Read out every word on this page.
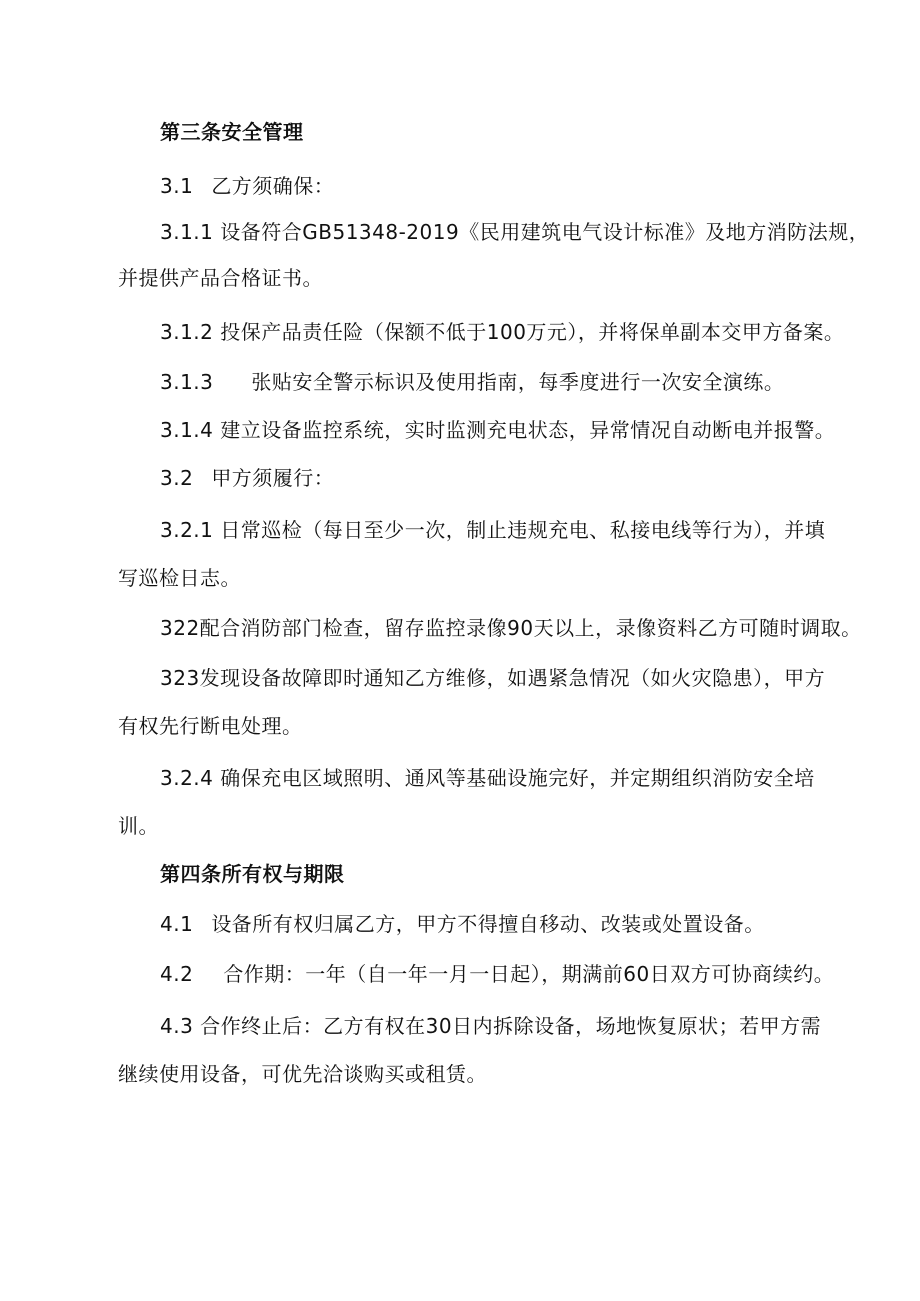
第三条安全管理
3.1 乙方须确保：
3.1.1 设备符合GB51348-2019《民用建筑电气设计标准》及地方消防法规，
并提供产品合格证书。
3.1.2 投保产品责任险（保额不低于100万元），并将保单副本交甲方备案。
3.1.3 张贴安全警示标识及使用指南，每季度进行一次安全演练。
3.1.4 建立设备监控系统，实时监测充电状态，异常情况自动断电并报警。
3.2 甲方须履行：
3.2.1 日常巡检（每日至少一次，制止违规充电、私接电线等行为），并填
写巡检日志。
322配合消防部门检查，留存监控录像90天以上，录像资料乙方可随时调取。
323发现设备故障即时通知乙方维修，如遇紧急情况（如火灾隐患），甲方
有权先行断电处理。
3.2.4 确保充电区域照明、通风等基础设施完好，并定期组织消防安全培
训。
第四条所有权与期限
4.1 设备所有权归属乙方，甲方不得擅自移动、改装或处置设备。
4.2 合作期：一年（自一年一月一日起），期满前60日双方可协商续约。
4.3 合作终止后：乙方有权在30日内拆除设备，场地恢复原状；若甲方需
继续使用设备，可优先洽谈购买或租赁。
